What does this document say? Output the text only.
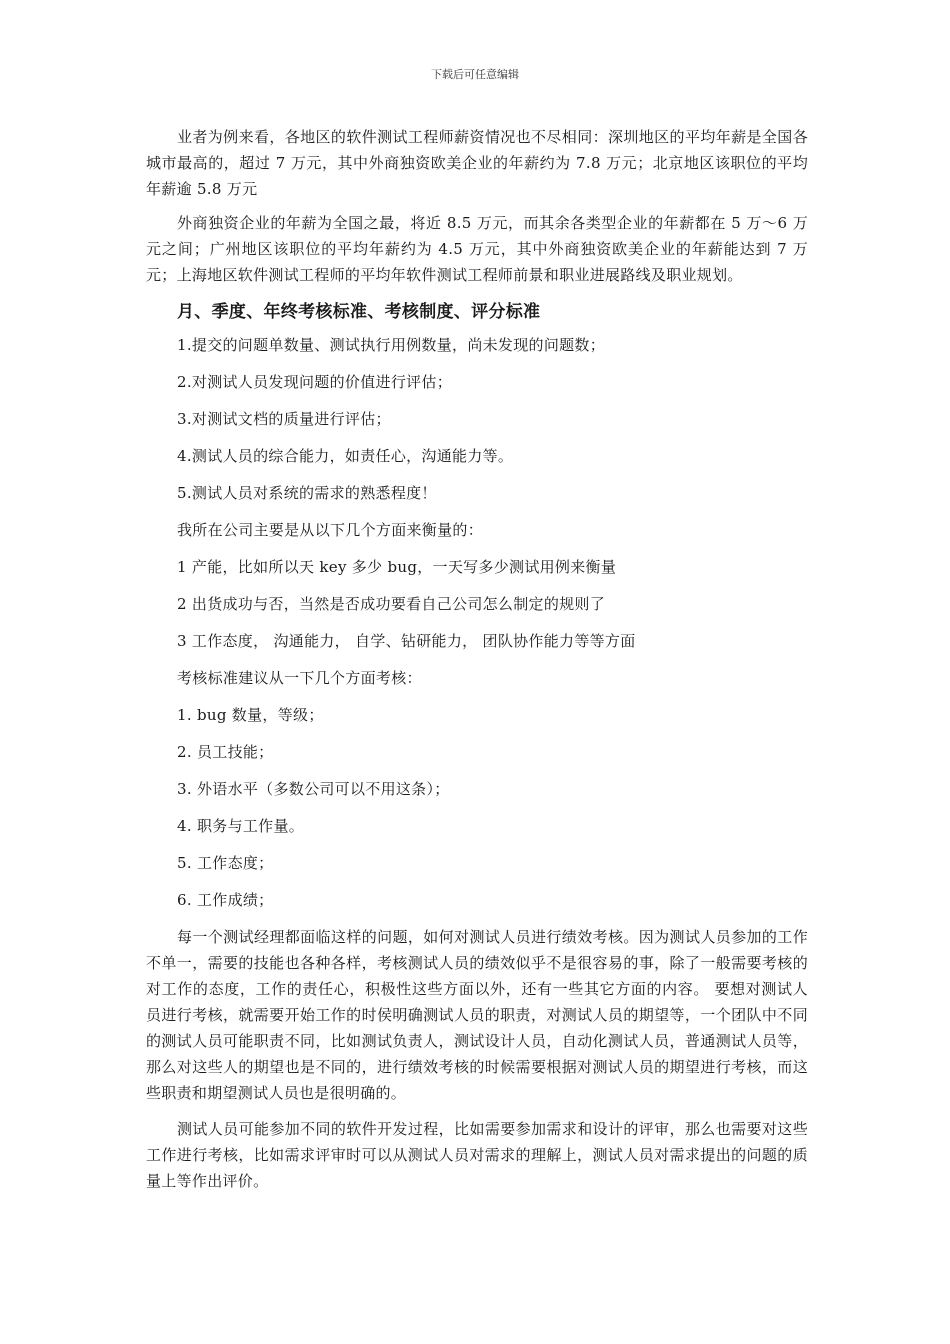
下载后可任意编辑

业者为例来看，各地区的软件测试工程师薪资情况也不尽相同：深圳地区的平均年薪是全国各城市最高的，超过 7 万元，其中外商独资欧美企业的年薪约为 7.8 万元；北京地区该职位的平均年薪逾 5.8 万元

外商独资企业的年薪为全国之最，将近 8.5 万元，而其余各类型企业的年薪都在 5 万～6 万元之间；广州地区该职位的平均年薪约为 4.5 万元，其中外商独资欧美企业的年薪能达到 7 万元；上海地区软件测试工程师的平均年软件测试工程师前景和职业进展路线及职业规划。

月、季度、年终考核标准、考核制度、评分标准
1.提交的问题单数量、测试执行用例数量，尚未发现的问题数；
2.对测试人员发现问题的价值进行评估；
3.对测试文档的质量进行评估；
4.测试人员的综合能力，如责任心，沟通能力等。
5.测试人员对系统的需求的熟悉程度！
我所在公司主要是从以下几个方面来衡量的：
1 产能，比如所以天 key 多少 bug，一天写多少测试用例来衡量
2 出货成功与否，当然是否成功要看自己公司怎么制定的规则了
3 工作态度， 沟通能力， 自学、钻研能力， 团队协作能力等等方面
考核标准建议从一下几个方面考核：
1. bug 数量，等级；
2. 员工技能；
3. 外语水平（多数公司可以不用这条）；
4. 职务与工作量。
5. 工作态度；
6. 工作成绩；

每一个测试经理都面临这样的问题，如何对测试人员进行绩效考核。因为测试人员参加的工作不单一，需要的技能也各种各样，考核测试人员的绩效似乎不是很容易的事，除了一般需要考核的对工作的态度，工作的责任心，积极性这些方面以外，还有一些其它方面的内容。 要想对测试人员进行考核，就需要开始工作的时侯明确测试人员的职责，对测试人员的期望等，一个团队中不同的测试人员可能职责不同，比如测试负责人，测试设计人员，自动化测试人员，普通测试人员等，那么对这些人的期望也是不同的，进行绩效考核的时候需要根据对测试人员的期望进行考核，而这些职责和期望测试人员也是很明确的。

测试人员可能参加不同的软件开发过程，比如需要参加需求和设计的评审，那么也需要对这些工作进行考核，比如需求评审时可以从测试人员对需求的理解上，测试人员对需求提出的问题的质量上等作出评价。
